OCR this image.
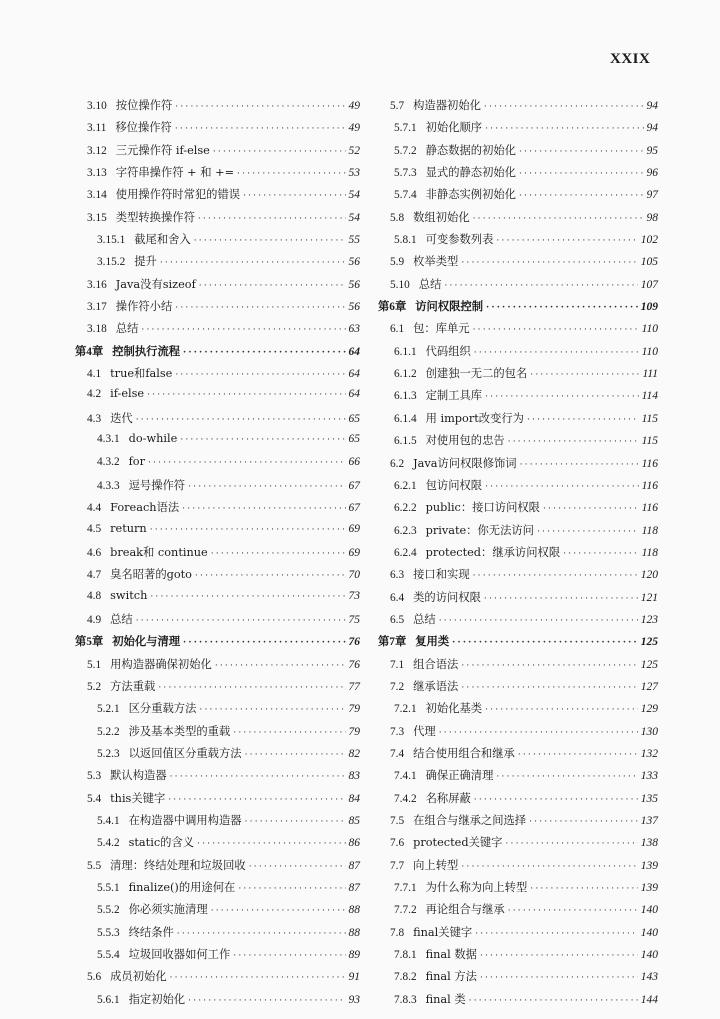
XXIX
3.10 按位操作符 ·····	49
3.11 移位操作符 ·····	49
3.12 三元操作符 if-else ·····	52
3.13 字符串操作符 + 和 += ·····	53
3.14 使用操作符时常犯的错误 ·····	54
3.15 类型转换操作符 ·····	54
3.15.1 截尾和舍入 ·····	55
3.15.2 提升 ·····	56
3.16 Java没有sizeof ·····	56
3.17 操作符小结 ·····	56
3.18 总结 ·····	63
第4章 控制执行流程 ·····	64
4.1 true和false ·····	64
4.2 if-else ·····	64
4.3 迭代 ·····	65
4.3.1 do-while ·····	65
4.3.2 for ·····	66
4.3.3 逗号操作符 ·····	67
4.4 Foreach语法 ·····	67
4.5 return ·····	69
4.6 break和 continue ·····	69
4.7 臭名昭著的goto ·····	70
4.8 switch ·····	73
4.9 总结 ·····	75
第5章 初始化与清理 ·····	76
5.1 用构造器确保初始化 ·····	76
5.2 方法重载 ·····	77
5.2.1 区分重载方法 ·····	79
5.2.2 涉及基本类型的重载 ·····	79
5.2.3 以返回值区分重载方法 ·····	82
5.3 默认构造器 ·····	83
5.4 this关键字 ·····	84
5.4.1 在构造器中调用构造器 ·····	85
5.4.2 static的含义 ·····	86
5.5 清理：终结处理和垃圾回收 ·····	87
5.5.1 finalize()的用途何在 ·····	87
5.5.2 你必须实施清理 ·····	88
5.5.3 终结条件 ·····	88
5.5.4 垃圾回收器如何工作 ·····	89
5.6 成员初始化 ·····	91
5.6.1 指定初始化 ·····	93
5.7 构造器初始化 ·····	94
5.7.1 初始化顺序 ·····	94
5.7.2 静态数据的初始化 ·····	95
5.7.3 显式的静态初始化 ·····	96
5.7.4 非静态实例初始化 ·····	97
5.8 数组初始化 ·····	98
5.8.1 可变参数列表 ·····	102
5.9 枚举类型 ·····	105
5.10 总结 ·····	107
第6章 访问权限控制 ·····	109
6.1 包：库单元 ·····	110
6.1.1 代码组织 ·····	110
6.1.2 创建独一无二的包名 ·····	111
6.1.3 定制工具库 ·····	114
6.1.4 用 import改变行为 ·····	115
6.1.5 对使用包的忠告 ·····	115
6.2 Java访问权限修饰词 ·····	116
6.2.1 包访问权限 ·····	116
6.2.2 public：接口访问权限 ·····	116
6.2.3 private：你无法访问 ·····	118
6.2.4 protected：继承访问权限 ·····	118
6.3 接口和实现 ·····	120
6.4 类的访问权限 ·····	121
6.5 总结 ·····	123
第7章 复用类 ·····	125
7.1 组合语法 ·····	125
7.2 继承语法 ·····	127
7.2.1 初始化基类 ·····	129
7.3 代理 ·····	130
7.4 结合使用组合和继承 ·····	132
7.4.1 确保正确清理 ·····	133
7.4.2 名称屏蔽 ·····	135
7.5 在组合与继承之间选择 ·····	137
7.6 protected关键字 ·····	138
7.7 向上转型 ·····	139
7.7.1 为什么称为向上转型 ·····	139
7.7.2 再论组合与继承 ·····	140
7.8 final关键字 ·····	140
7.8.1 final 数据 ·····	140
7.8.2 final 方法 ·····	143
7.8.3 final 类 ·····	144
